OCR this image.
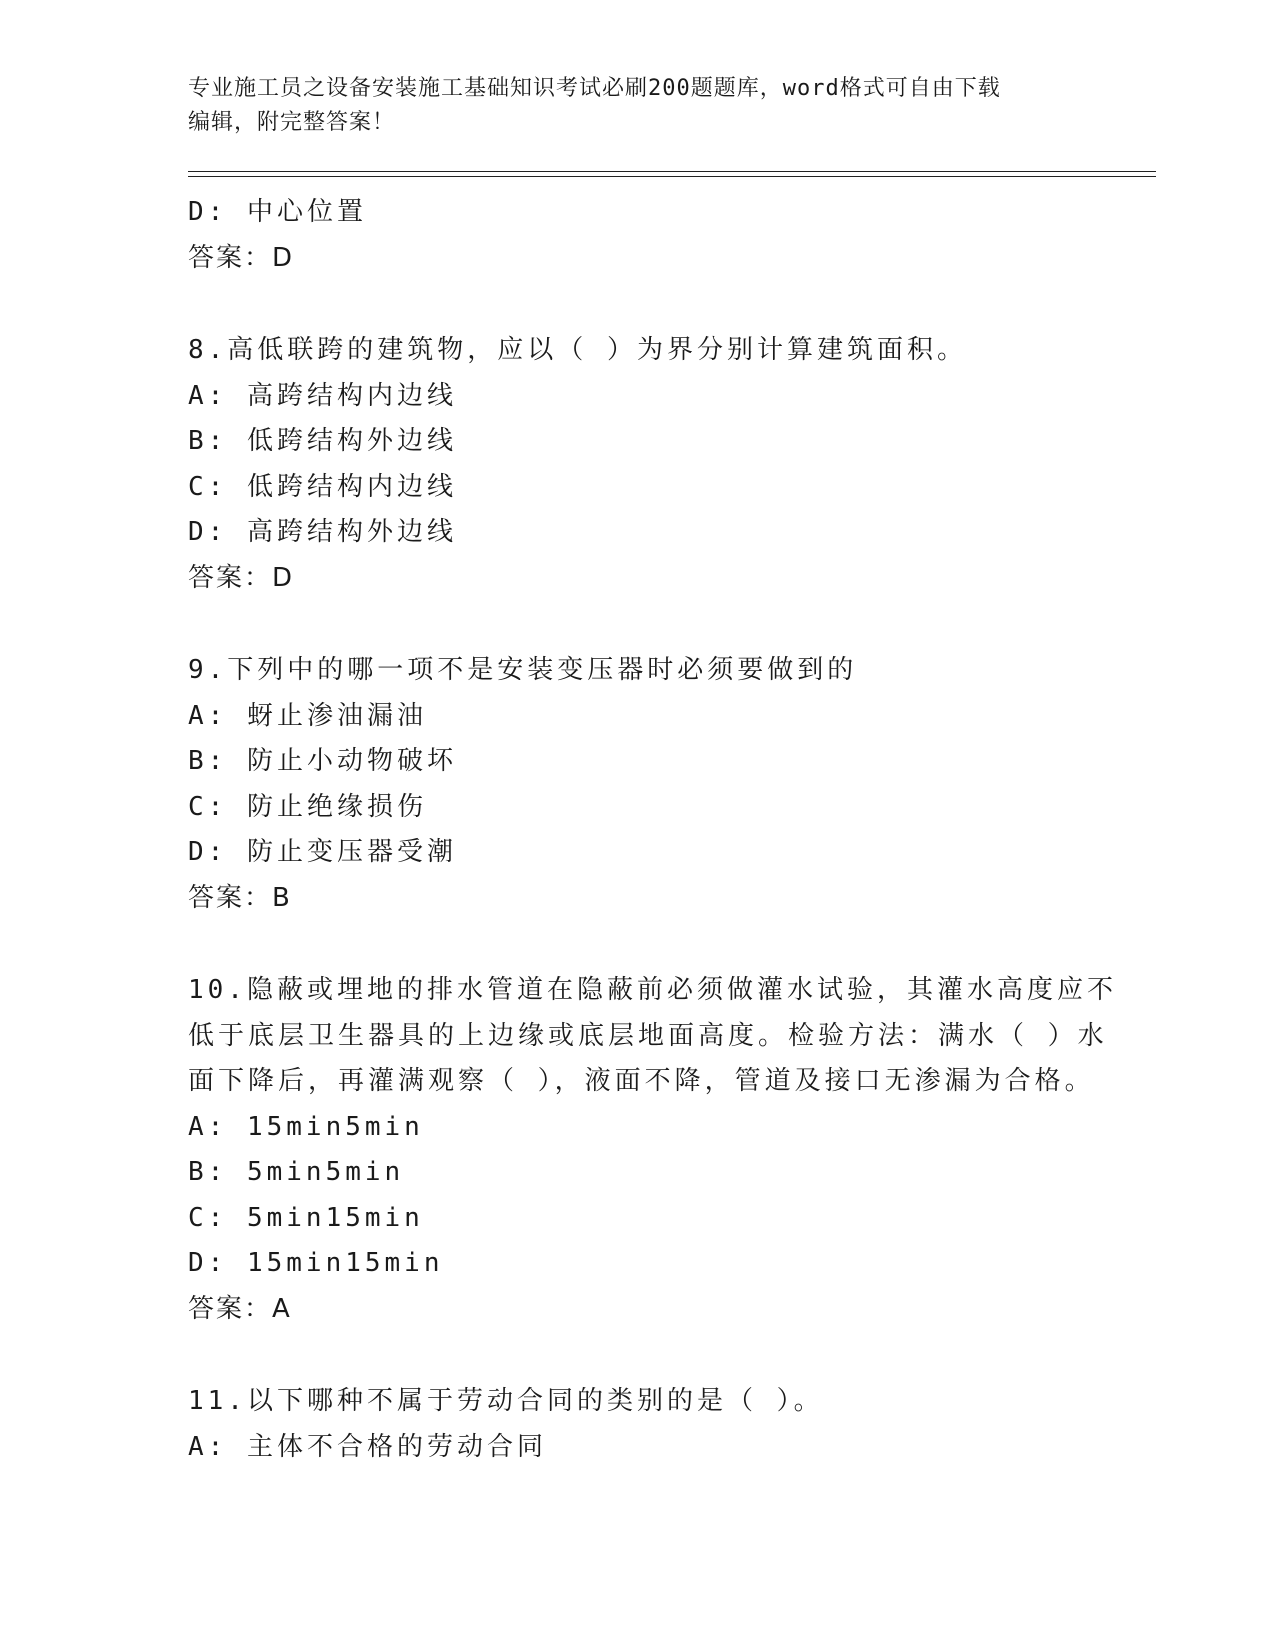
专业施工员之设备安装施工基础知识考试必刷200题题库，word格式可自由下载
编辑，附完整答案！
D: 中心位置
答案：D
8.高低联跨的建筑物，应以（ ）为界分别计算建筑面积。
A: 高跨结构内边线
B: 低跨结构外边线
C: 低跨结构内边线
D: 高跨结构外边线
答案：D
9.下列中的哪一项不是安装变压器时必须要做到的
A: 蚜止渗油漏油
B: 防止小动物破坏
C: 防止绝缘损伤
D: 防止变压器受潮
答案：B
10.隐蔽或埋地的排水管道在隐蔽前必须做灌水试验，其灌水高度应不
低于底层卫生器具的上边缘或底层地面高度。检验方法：满水（ ）水
面下降后，再灌满观察（ ），液面不降，管道及接口无渗漏为合格。
A: 15min5min
B: 5min5min
C: 5min15min
D: 15min15min
答案：A
11.以下哪种不属于劳动合同的类别的是（ ）。
A: 主体不合格的劳动合同
